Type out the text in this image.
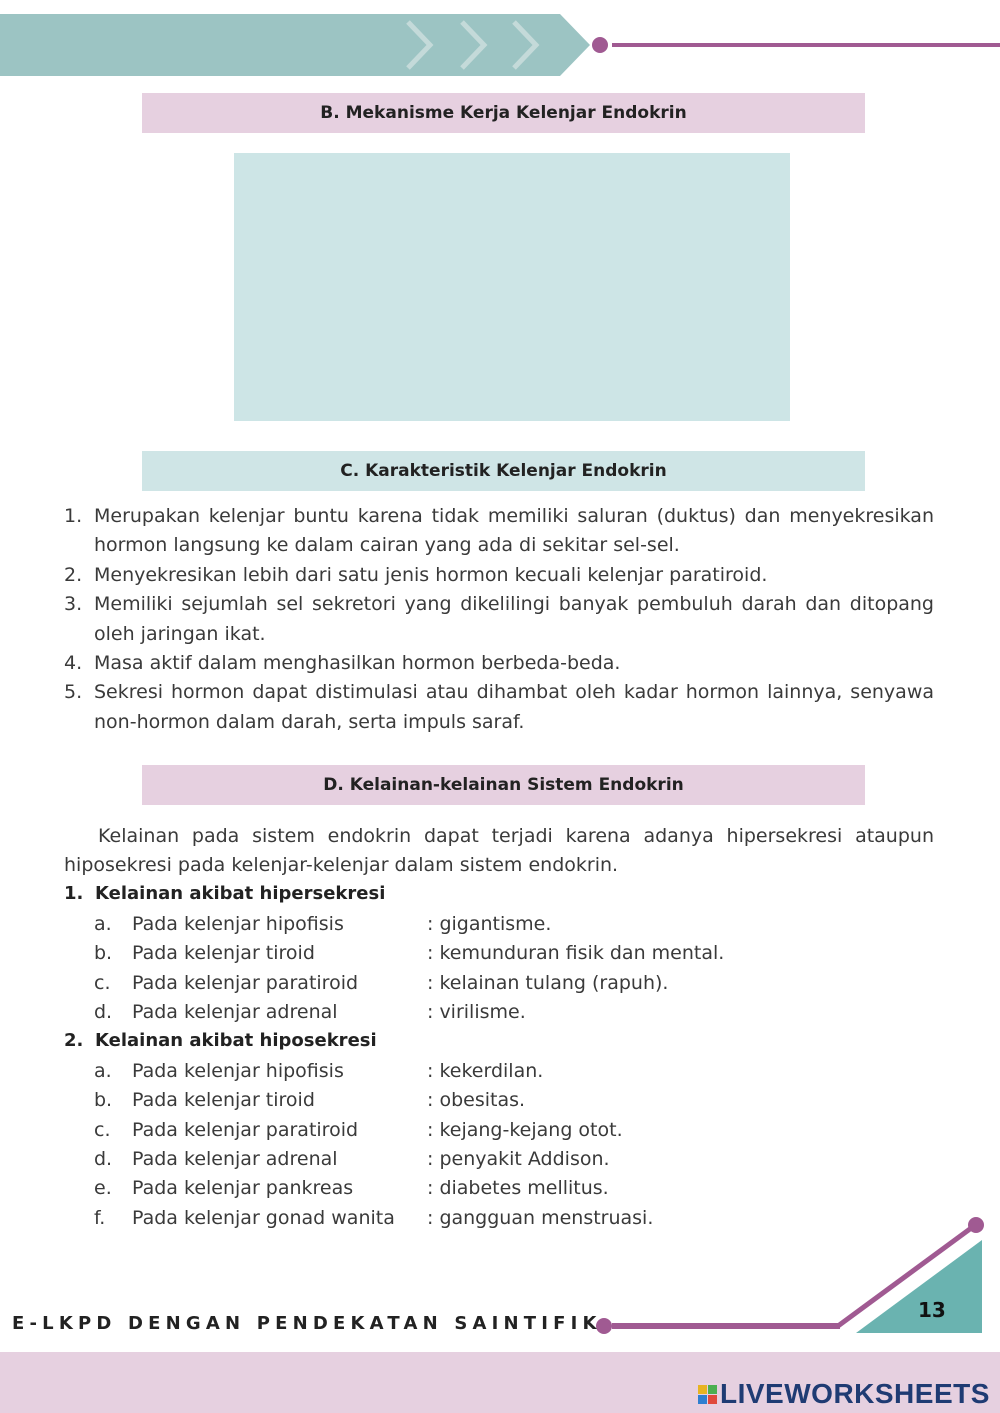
B. Mekanisme Kerja Kelenjar Endokrin
C. Karakteristik Kelenjar Endokrin
1. Merupakan kelenjar buntu karena tidak memiliki saluran (duktus) dan menyekresikan hormon langsung ke dalam cairan yang ada di sekitar sel-sel.
2. Menyekresikan lebih dari satu jenis hormon kecuali kelenjar paratiroid.
3. Memiliki sejumlah sel sekretori yang dikelilingi banyak pembuluh darah dan ditopang oleh jaringan ikat.
4. Masa aktif dalam menghasilkan hormon berbeda-beda.
5. Sekresi hormon dapat distimulasi atau dihambat oleh kadar hormon lainnya, senyawa non-hormon dalam darah, serta impuls saraf.
D. Kelainan-kelainan Sistem Endokrin
Kelainan pada sistem endokrin dapat terjadi karena adanya hipersekresi ataupun hiposekresi pada kelenjar-kelenjar dalam sistem endokrin.
1. Kelainan akibat hipersekresi
a. Pada kelenjar hipofisis	: gigantisme.
b. Pada kelenjar tiroid	: kemunduran fisik dan mental.
c. Pada kelenjar paratiroid	: kelainan tulang (rapuh).
d. Pada kelenjar adrenal	: virilisme.
2. Kelainan akibat hiposekresi
a. Pada kelenjar hipofisis	: kekerdilan.
b. Pada kelenjar tiroid	: obesitas.
c. Pada kelenjar paratiroid	: kejang-kejang otot.
d. Pada kelenjar adrenal	: penyakit Addison.
e. Pada kelenjar pankreas	: diabetes mellitus.
f. Pada kelenjar gonad wanita : gangguan menstruasi.
13
E-LKPD DENGAN PENDEKATAN SAINTIFIK
LIVEWORKSHEETS
